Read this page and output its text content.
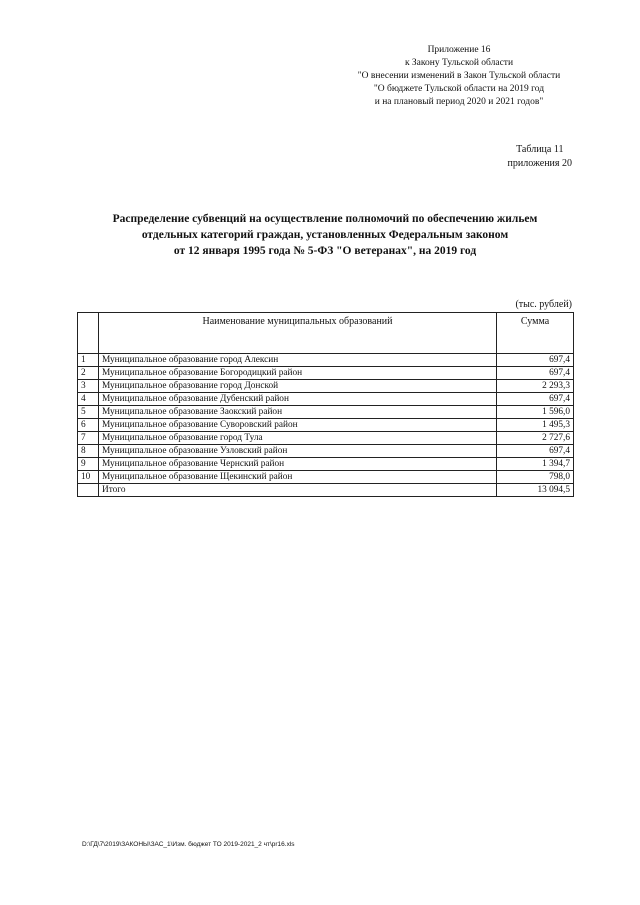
Приложение 16
к Закону Тульской области
"О внесении изменений в Закон Тульской области
"О бюджете Тульской области на 2019 год
и на плановый период 2020 и 2021 годов"
Таблица 11
приложения 20
Распределение субвенций на осуществление полномочий по обеспечению жильем
отдельных категорий граждан, установленных Федеральным законом
от 12 января 1995 года № 5-ФЗ "О ветеранах", на 2019 год
(тыс. рублей)
	Наименование муниципальных образований	Сумма
1	Муниципальное образование город Алексин	697,4
2	Муниципальное образование Богородицкий район	697,4
3	Муниципальное образование город Донской	2 293,3
4	Муниципальное образование Дубенский район	697,4
5	Муниципальное образование Заокский район	1 596,0
6	Муниципальное образование Суворовский район	1 495,3
7	Муниципальное образование город Тула	2 727,6
8	Муниципальное образование Узловский район	697,4
9	Муниципальное образование Чернский район	1 394,7
10	Муниципальное образование Щекинский район	798,0
	Итого	13 094,5
D:\ГД\7\2019\ЗАКОНЫ\ЗАС_1\Изм. бюджет ТО 2019-2021_2 чт\pr16.xls
